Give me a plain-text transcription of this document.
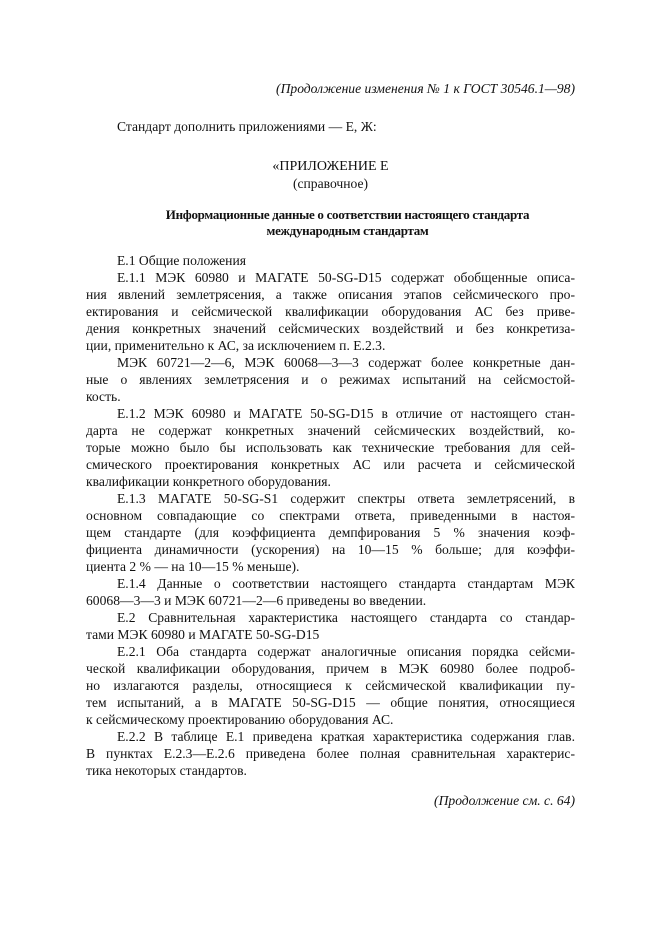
(Продолжение изменения № 1 к ГОСТ 30546.1—98)
Стандарт дополнить приложениями — Е, Ж:
«ПРИЛОЖЕНИЕ Е
(справочное)
Информационные данные о соответствии настоящего стандарта
международным стандартам
Е.1 Общие положения
Е.1.1 МЭК 60980 и МАГАТЕ 50-SG-D15 содержат обобщенные описа-
ния явлений землетрясения, а также описания этапов сейсмического про-
ектирования и сейсмической квалификации оборудования АС без приве-
дения конкретных значений сейсмических воздействий и без конкретиза-
ции, применительно к АС, за исключением п. Е.2.3.
МЭК 60721—2—6, МЭК 60068—3—3 содержат более конкретные дан-
ные о явлениях землетрясения и о режимах испытаний на сейсмостой-
кость.
Е.1.2 МЭК 60980 и МАГАТЕ 50-SG-D15 в отличие от настоящего стан-
дарта не содержат конкретных значений сейсмических воздействий, ко-
торые можно было бы использовать как технические требования для сей-
смического проектирования конкретных АС или расчета и сейсмической
квалификации конкретного оборудования.
Е.1.3 МАГАТЕ 50-SG-S1 содержит спектры ответа землетрясений, в
основном совпадающие со спектрами ответа, приведенными в настоя-
щем стандарте (для коэффициента демпфирования 5 % значения коэф-
фициента динамичности (ускорения) на 10—15 % больше; для коэффи-
циента 2 % — на 10—15 % меньше).
Е.1.4 Данные о соответствии настоящего стандарта стандартам МЭК
60068—3—3 и МЭК 60721—2—6 приведены во введении.
Е.2 Сравнительная характеристика настоящего стандарта со стандар-
тами МЭК 60980 и МАГАТЕ 50-SG-D15
Е.2.1 Оба стандарта содержат аналогичные описания порядка сейсми-
ческой квалификации оборудования, причем в МЭК 60980 более подроб-
но излагаются разделы, относящиеся к сейсмической квалификации пу-
тем испытаний, а в МАГАТЕ 50-SG-D15 — общие понятия, относящиеся
к сейсмическому проектированию оборудования АС.
Е.2.2 В таблице Е.1 приведена краткая характеристика содержания глав.
В пунктах Е.2.3—Е.2.6 приведена более полная сравнительная характерис-
тика некоторых стандартов.
(Продолжение см. с. 64)
